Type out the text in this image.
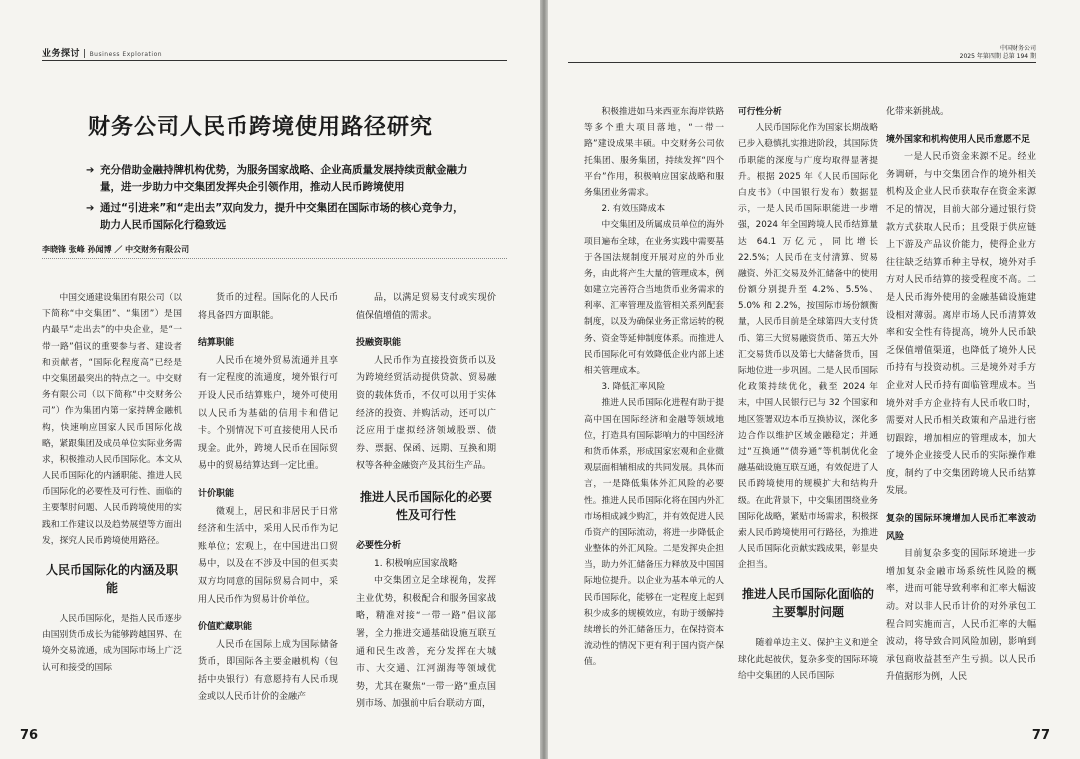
业务探讨 | Business Exploration
财务公司人民币跨境使用路径研究

➔ 充分借助金融持牌机构优势，为服务国家战略、企业高质量发展持续贡献金融力量，进一步助力中交集团发挥央企引领作用，推动人民币跨境使用

➔ 通过“引进来”和“走出去”双向发力，提升中交集团在国际市场的核心竞争力，助力人民币国际化行稳致远

李晓锋 张峰 孙闻博 ／ 中交财务有限公司

中国交通建设集团有限公司（以下简称“中交集团”、“集团”）是国内最早“走出去”的中央企业，是“一带一路”倡议的重要参与者、建设者和贡献者，“国际化程度高”已经是中交集团最突出的特点之一。中交财务有限公司（以下简称“中交财务公司”）作为集团内第一家持牌金融机构，快速响应国家人民币国际化战略，紧跟集团及成员单位实际业务需求，积极推动人民币国际化。本文从人民币国际化的内涵职能、推进人民币国际化的必要性及可行性、面临的主要掣肘问题、人民币跨境使用的实践和工作建议以及趋势展望等方面出发，探究人民币跨境使用路径。

人民币国际化的内涵及职能

人民币国际化，是指人民币逐步由国别货币成长为能够跨越国界、在境外交易流通，成为国际市场上广泛认可和接受的国际

货币的过程。国际化的人民币将具备四方面职能。

结算职能

人民币在境外贸易流通并且享有一定程度的流通度，境外银行可开设人民币结算账户，境外可使用以人民币为基础的信用卡和借记卡。个别情况下可直接使用人民币现金。此外，跨境人民币在国际贸易中的贸易结算达到一定比重。

计价职能

微观上，居民和非居民于日常经济和生活中，采用人民币作为记账单位；宏观上，在中国进出口贸易中，以及在不涉及中国的但买卖双方均同意的国际贸易合同中，采用人民币作为贸易计价单位。

价值贮藏职能

人民币在国际上成为国际储备货币，即国际各主要金融机构（包括中央银行）有意愿持有人民币现金或以人民币计价的金融产

品，以满足贸易支付或实现价值保值增值的需求。

投融资职能

人民币作为直接投资货币以及为跨境经贸活动提供贷款、贸易融资的载体货币，不仅可以用于实体经济的投资、并购活动，还可以广泛应用于虚拟经济领域股票、债券、票据、保函、远期、互换和期权等各种金融资产及其衍生产品。

推进人民币国际化的必要性及可行性
必要性分析

1. 积极响应国家战略

中交集团立足全球视角，发挥主业优势，积极配合和服务国家战略，精准对接“一带一路”倡议部署，全力推进交通基础设施互联互通和民生改善，充分发挥在大城市、大交通、江河湖海等领域优势，尤其在聚焦“一带一路”重点国别市场、加强前中后台联动方面，

76
中国财务公司
2025 年第四期 总第 194 期

积极推进如马来西亚东海岸铁路等多个重大项目落地，“一带一路”建设成果丰硕。中交财务公司依托集团、服务集团，持续发挥“四个平台”作用，积极响应国家战略和服务集团业务需求。

2. 有效压降成本

中交集团及所属成员单位的海外项目遍布全球，在业务实践中需要基于各国法规制度开展对应的外币业务，由此将产生大量的管理成本，例如建立完善符合当地货币业务需求的利率、汇率管理及监管相关系列配套制度，以及为确保业务正常运转的税务、资金等延伸制度体系。而推进人民币国际化可有效降低企业内部上述相关管理成本。

3. 降低汇率风险

推进人民币国际化进程有助于提高中国在国际经济和金融等领域地位，打造具有国际影响力的中国经济和货币体系，形成国家宏观和企业微观层面相辅相成的共同发展。具体而言，一是降低集体外汇风险的必要性。推进人民币国际化将在国内外汇市场相成减少购汇，并有效促进人民币资产的国际流动，将进一步降低企业整体的外汇风险。二是发挥央企担当，助力外汇储备压力释放及中国国际地位提升。以企业为基本单元的人民币国际化，能够在一定程度上起到积少成多的规模效应，有助于缓解持续增长的外汇储备压力，在保持资本流动性的情况下更有利于国内资产保值。

可行性分析

人民币国际化作为国家长期战略已步入稳慎扎实推进阶段，其国际货币职能的深度与广度均取得显著提升。根据 2025 年《人民币国际化白皮书》（中国银行发布）数据显示，一是人民币国际职能进一步增强，2024 年全国跨境人民币结算量达 64.1 万亿元，同比增长 22.5%；人民币在支付清算、贸易融资、外汇交易及外汇储备中的使用份额分别提升至 4.2%、5.5%、5.0% 和 2.2%，按国际市场份额衡量，人民币目前是全球第四大支付货币、第三大贸易融资货币、第五大外汇交易货币以及第七大储备货币，国际地位进一步巩固。二是人民币国际化政策持续优化，截至 2024 年末，中国人民银行已与 32 个国家和地区签署双边本币互换协议，深化多边合作以维护区域金融稳定；并通过“互换通”“债券通”等机制优化金融基础设施互联互通，有效促进了人民币跨境使用的规模扩大和结构升级。在此背景下，中交集团围绕业务国际化战略，紧贴市场需求，积极探索人民币跨境使用可行路径，为推进人民币国际化贡献实践成果，彰显央企担当。

推进人民币国际化面临的主要掣肘问题

随着单边主义、保护主义和逆全球化此起彼伏，复杂多变的国际环境给中交集团的人民币国际

化带来新挑战。

境外国家和机构使用人民币意愿不足

一是人民币资金来源不足。经业务调研，与中交集团合作的境外相关机构及企业人民币获取存在资金来源不足的情况，目前大部分通过银行贷款方式获取人民币；且受限于供应链上下游及产品议价能力，使得企业方往往缺乏结算币种主导权，境外对手方对人民币结算的接受程度不高。二是人民币海外使用的金融基础设施建设相对薄弱。离岸市场人民币清算效率和安全性有待提高，境外人民币缺乏保值增值渠道，也降低了境外人民币持有与投资动机。三是境外对手方企业对人民币持有面临管理成本。当境外对手方企业持有人民币收口时，需要对人民币相关政策和产品进行密切跟踪，增加相应的管理成本，加大了境外企业接受人民币的实际操作难度，制约了中交集团跨境人民币结算发展。

复杂的国际环境增加人民币汇率波动风险

目前复杂多变的国际环境进一步增加复杂金融市场系统性风险的概率，进而可能导致利率和汇率大幅波动。对以非人民币计价的对外承包工程合同实施而言，人民币汇率的大幅波动，将导致合同风险加剧，影响到承包商收益甚至产生亏损。以人民币升值据形为例，人民

77
